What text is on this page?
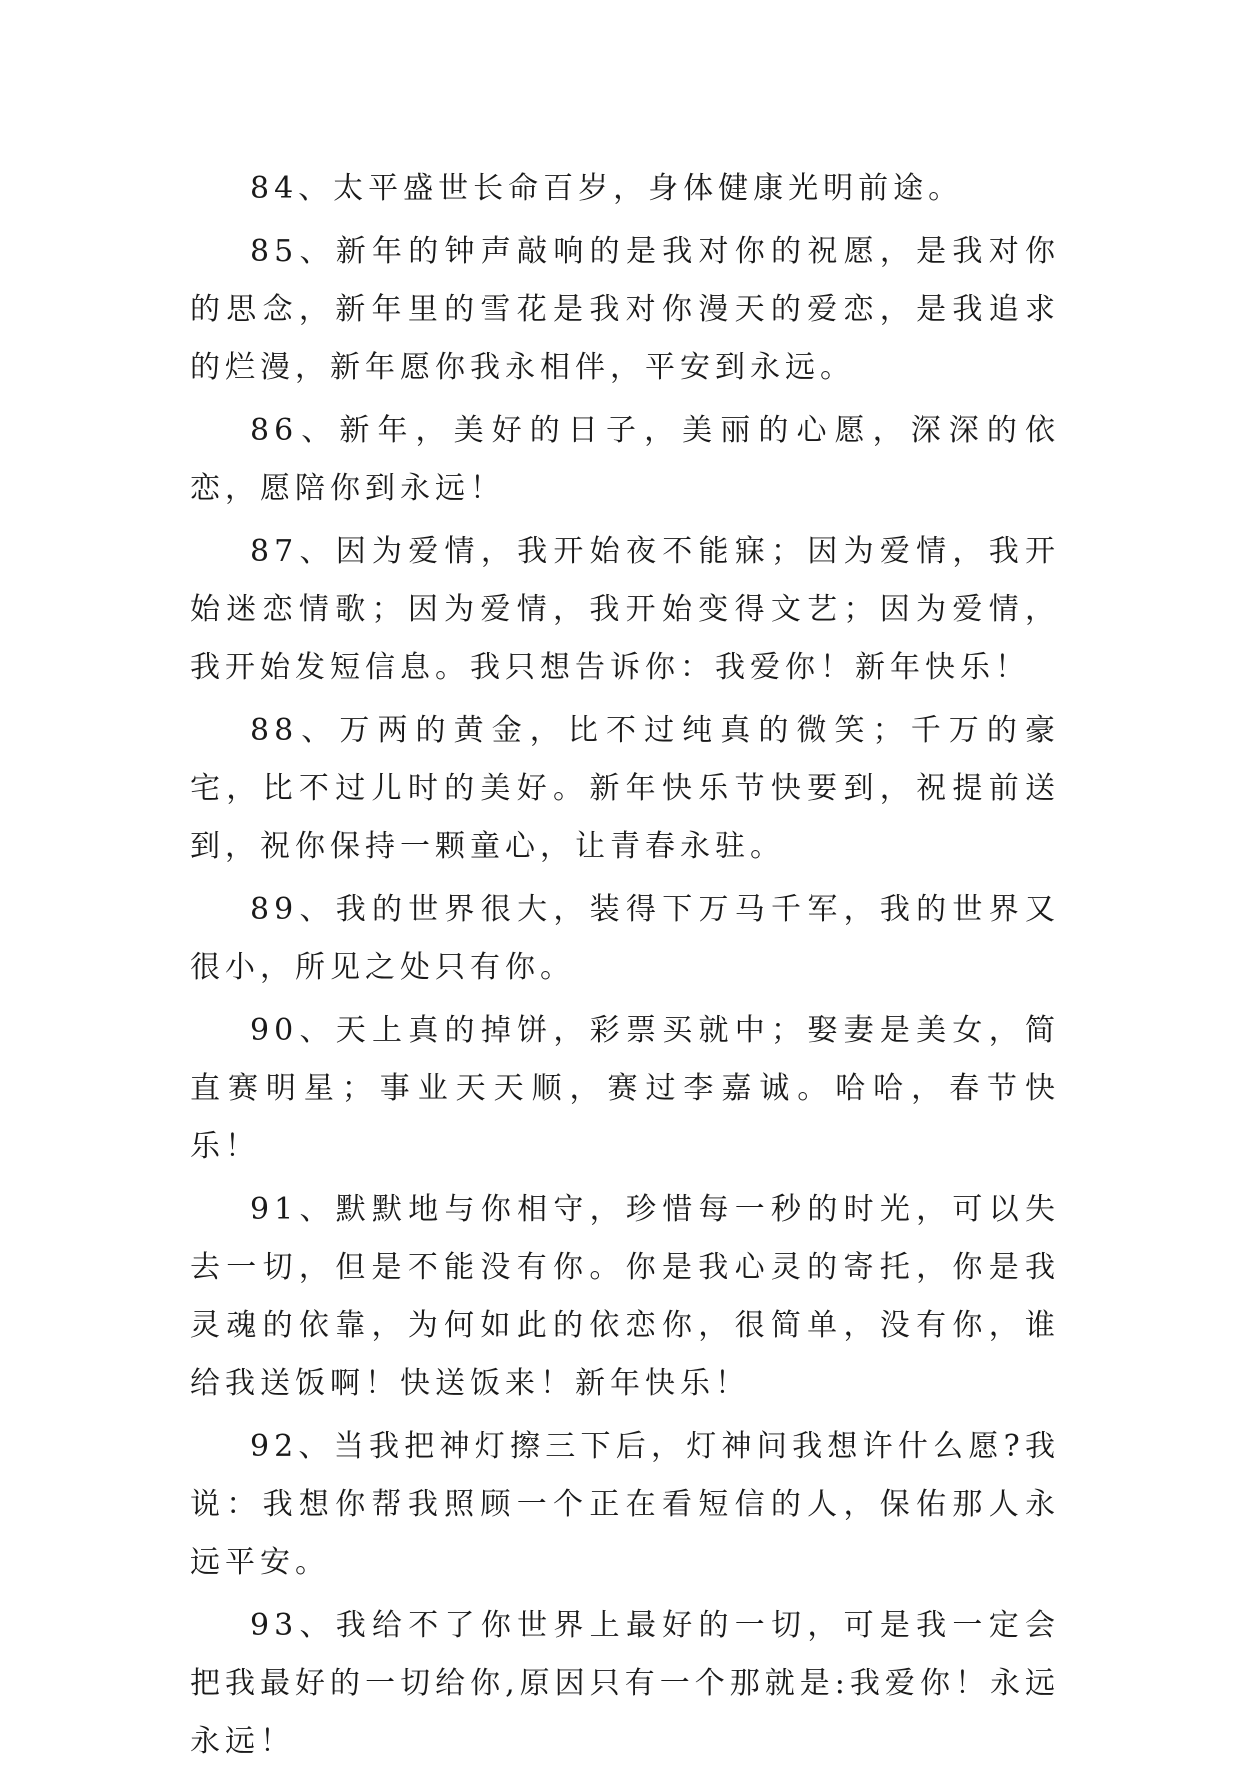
84、太平盛世长命百岁，身体健康光明前途。

85、新年的钟声敲响的是我对你的祝愿，是我对你的思念，新年里的雪花是我对你漫天的爱恋，是我追求的烂漫，新年愿你我永相伴，平安到永远。

86、新年，美好的日子，美丽的心愿，深深的依恋，愿陪你到永远！

87、因为爱情，我开始夜不能寐；因为爱情，我开始迷恋情歌；因为爱情，我开始变得文艺；因为爱情，我开始发短信息。我只想告诉你：我爱你！新年快乐！

88、万两的黄金，比不过纯真的微笑；千万的豪宅，比不过儿时的美好。新年快乐节快要到，祝提前送到，祝你保持一颗童心，让青春永驻。

89、我的世界很大，装得下万马千军，我的世界又很小，所见之处只有你。

90、天上真的掉饼，彩票买就中；娶妻是美女，简直赛明星；事业天天顺，赛过李嘉诚。哈哈，春节快乐！

91、默默地与你相守，珍惜每一秒的时光，可以失去一切，但是不能没有你。你是我心灵的寄托，你是我灵魂的依靠，为何如此的依恋你，很简单，没有你，谁给我送饭啊！快送饭来！新年快乐！

92、当我把神灯擦三下后，灯神问我想许什么愿?我说：我想你帮我照顾一个正在看短信的人，保佑那人永远平安。

93、我给不了你世界上最好的一切，可是我一定会把我最好的一切给你,原因只有一个那就是:我爱你！永远永远！
